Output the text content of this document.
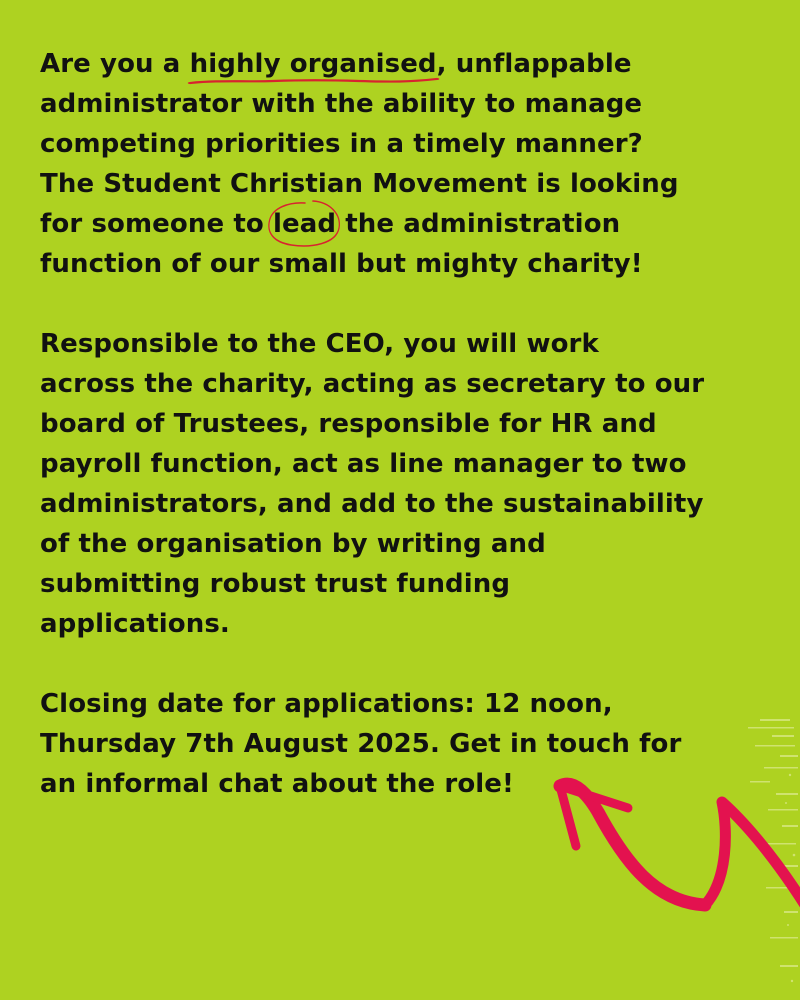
Are you a highly organised
, unflappable
administrator with the ability to manage
competing priorities in a timely manner?
The Student Christian Movement is looking
for someone to lead
the administration
function of our small but mighty charity!

Responsible to the CEO, you will work
across the charity, acting as secretary to our
board of Trustees, responsible for HR and
payroll function, act as line manager to two
administrators, and add to the sustainability
of the organisation by writing and
submitting robust trust funding
applications.

Closing date for applications: 12 noon,
Thursday 7th August 2025. Get in touch for
an informal chat about the role!
